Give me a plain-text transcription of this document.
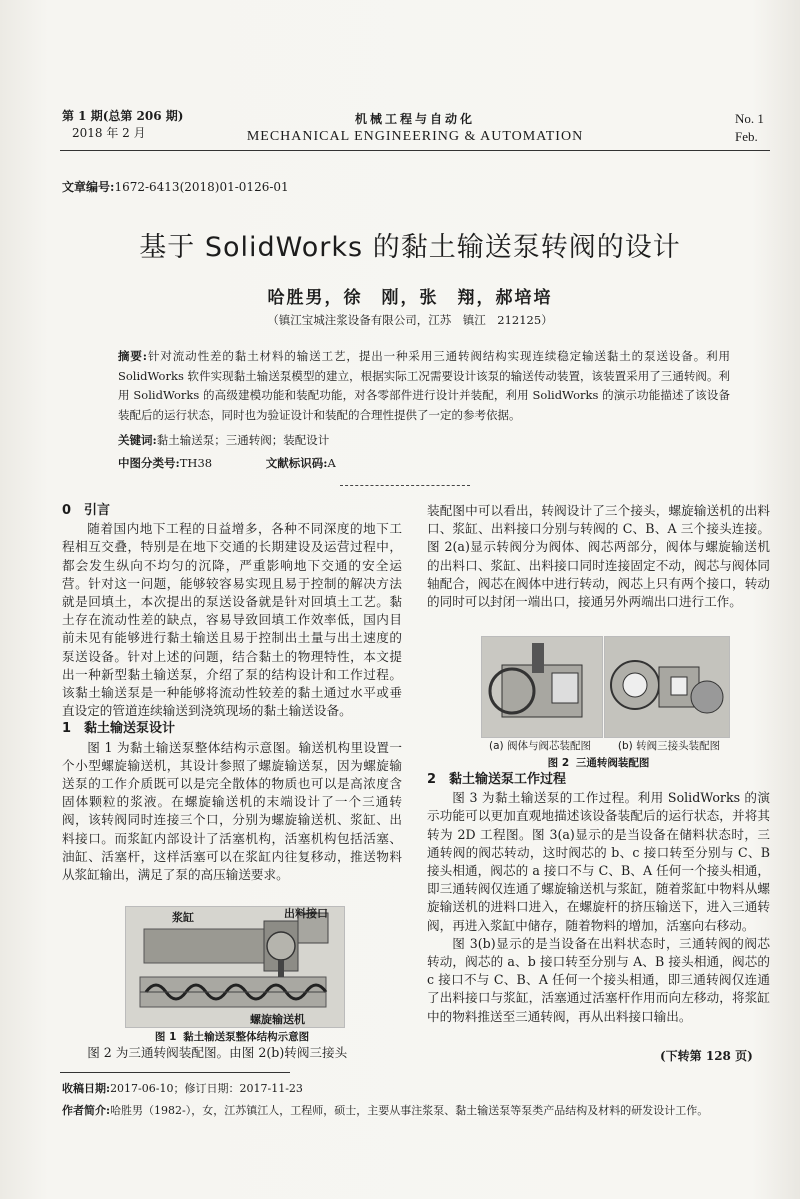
第 1 期(总第 206 期)
2018 年 2 月
机械工程与自动化
MECHANICAL ENGINEERING & AUTOMATION
No. 1
Feb.
文章编号:1672-6413(2018)01-0126-01
基于 SolidWorks 的黏土输送泵转阀的设计
哈胜男，徐　刚，张　翔，郝培培
（镇江宝城注浆设备有限公司，江苏　镇江　212125）
摘要:针对流动性差的黏土材料的输送工艺，提出一种采用三通转阀结构实现连续稳定输送黏土的泵送设备。利用 SolidWorks 软件实现黏土输送泵模型的建立，根据实际工况需要设计该泵的输送传动装置，该装置采用了三通转阀。利用 SolidWorks 的高级建模功能和装配功能，对各零部件进行设计并装配，利用 SolidWorks 的演示功能描述了该设备装配后的运行状态，同时也为验证设计和装配的合理性提供了一定的参考依据。
关键词:黏土输送泵；三通转阀；装配设计
中图分类号:TH38	文献标识码:A
0　引言

随着国内地下工程的日益增多，各种不同深度的地下工程相互交叠，特别是在地下交通的长期建设及运营过程中，都会发生纵向不均匀的沉降，严重影响地下交通的安全运营。针对这一问题，能够较容易实现且易于控制的解决方法就是回填土，本次提出的泵送设备就是针对回填土工艺。黏土存在流动性差的缺点，容易导致回填工作效率低，国内目前未见有能够进行黏土输送且易于控制出土量与出土速度的泵送设备。针对上述的问题，结合黏土的物理特性，本文提出一种新型黏土输送泵，介绍了泵的结构设计和工作过程。该黏土输送泵是一种能够将流动性较差的黏土通过水平或垂直设定的管道连续输送到浇筑现场的黏土输送设备。

1　黏土输送泵设计

图 1 为黏土输送泵整体结构示意图。输送机构里设置一个小型螺旋输送机，其设计参照了螺旋输送泵，因为螺旋输送泵的工作介质既可以是完全散体的物质也可以是高浓度含固体颗粒的浆液。在螺旋输送机的末端设计了一个三通转阀，该转阀同时连接三个口，分别为螺旋输送机、浆缸、出料接口。而浆缸内部设计了活塞机构，活塞机构包括活塞、油缸、活塞杆，这样活塞可以在浆缸内往复移动，推送物料从浆缸输出，满足了泵的高压输送要求。

浆缸	出料接口
螺旋输送机
图 1 黏土输送泵整体结构示意图

图 2 为三通转阀装配图。由图 2(b)转阀三接头

装配图中可以看出，转阀设计了三个接头，螺旋输送机的出料口、浆缸、出料接口分别与转阀的 C、B、A 三个接头连接。图 2(a)显示转阀分为阀体、阀芯两部分，阀体与螺旋输送机的出料口、浆缸、出料接口同时连接固定不动，阀芯与阀体同轴配合，阀芯在阀体中进行转动，阀芯上只有两个接口，转动的同时可以封闭一端出口，接通另外两端出口进行工作。

(a) 阀体与阀芯装配图	(b) 转阀三接头装配图
图 2 三通转阀装配图
2　黏土输送泵工作过程

图 3 为黏土输送泵的工作过程。利用 SolidWorks 的演示功能可以更加直观地描述该设备装配后的运行状态，并将其转为 2D 工程图。图 3(a)显示的是当设备在储料状态时，三通转阀的阀芯转动，这时阀芯的 b、c 接口转至分别与 C、B 接头相通，阀芯的 a 接口不与 C、B、A 任何一个接头相通，即三通转阀仅连通了螺旋输送机与浆缸，随着浆缸中物料从螺旋输送机的进料口进入，在螺旋杆的挤压输送下，进入三通转阀，再进入浆缸中储存，随着物料的增加，活塞向右移动。

图 3(b)显示的是当设备在出料状态时，三通转阀的阀芯转动，阀芯的 a、b 接口转至分别与 A、B 接头相通，阀芯的 c 接口不与 C、B、A 任何一个接头相通，即三通转阀仅连通了出料接口与浆缸，活塞通过活塞杆作用而向左移动，将浆缸中的物料推送至三通转阀，再从出料接口输出。

(下转第 128 页)
收稿日期:2017-06-10；修订日期：2017-11-23
作者简介:哈胜男（1982-），女，江苏镇江人，工程师，硕士，主要从事注浆泵、黏土输送泵等泵类产品结构及材料的研发设计工作。
